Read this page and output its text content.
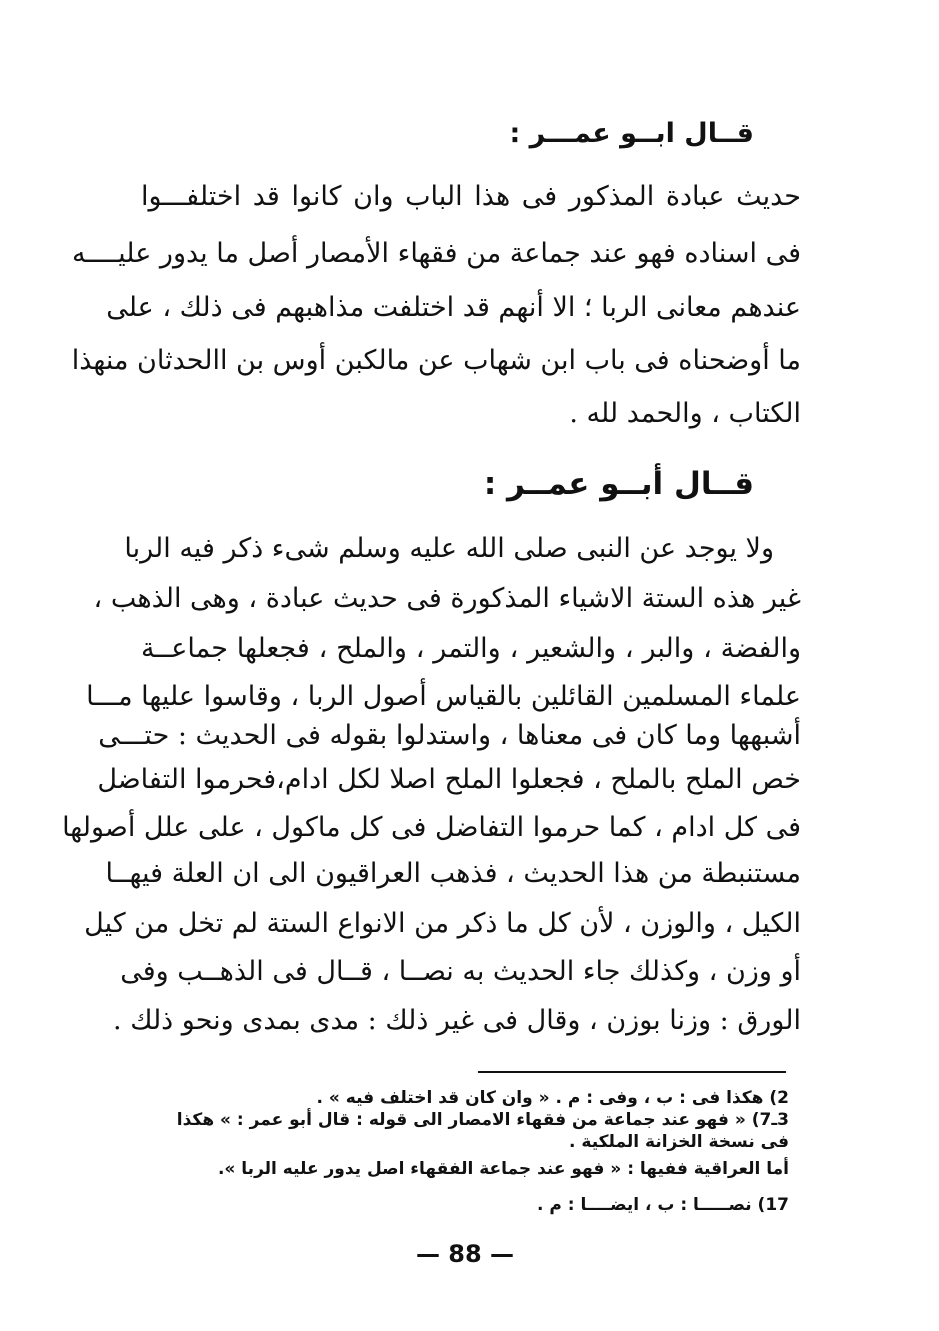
قــال ابــو عمـــر :
حديث عبادة المذكور فى هذا الباب وان كانوا قد اختلفـــوا
فى اسناده فهو عند جماعة من فقهاء الأمصار أصل ما يدور عليــــه
عندهم معانى الربا ؛ الا أنهم قد اختلفت مذاهبهم فى ذلك ، على
ما أوضحناه فى باب ابن شهاب عن مالكبن أوس بن االحدثان منهذا
الكتاب ، والحمد لله .
قــال أبــو عمــر :
ولا يوجد عن النبى صلى الله عليه وسلم شىء ذكر فيه الربا
غير هذه الستة الاشياء المذكورة فى حديث عبادة ، وهى الذهب ،
والفضة ، والبر ، والشعير ، والتمر ، والملح ، فجعلها جماعــة
علماء المسلمين القائلين بالقياس أصول الربا ، وقاسوا عليها مـــا
أشبهها وما كان فى معناها ، واستدلوا بقوله فى الحديث : حتـــى
خص الملح بالملح ، فجعلوا الملح اصلا لكل ادام،فحرموا التفاضل
فى كل ادام ، كما حرموا التفاضل فى كل ماكول ، على علل أصولها
مستنبطة من هذا الحديث ، فذهب العراقيون الى ان العلة فيهــا
الكيل ، والوزن ، لأن كل ما ذكر من الانواع الستة لم تخل من كيل
أو وزن ، وكذلك جاء الحديث به نصــا ، قــال فى الذهــب وفى
الورق : وزنا بوزن ، وقال فى غير ذلك : مدى بمدى ونحو ذلك .
2) هكذا فى : ب ، وفى : م . « وان كان قد اختلف فيه » .
3ـ7) « فهو عند جماعة من فقهاء الامصار الى قوله : قال أبو عمر : » هكذا
فى نسخة الخزانة الملكية .
أما العراقية ففيها : « فهو عند جماعة الفقهاء اصل يدور عليه الربا ».
17) نصـــــا : ب ، ايضــــا : م .
— 88 —
